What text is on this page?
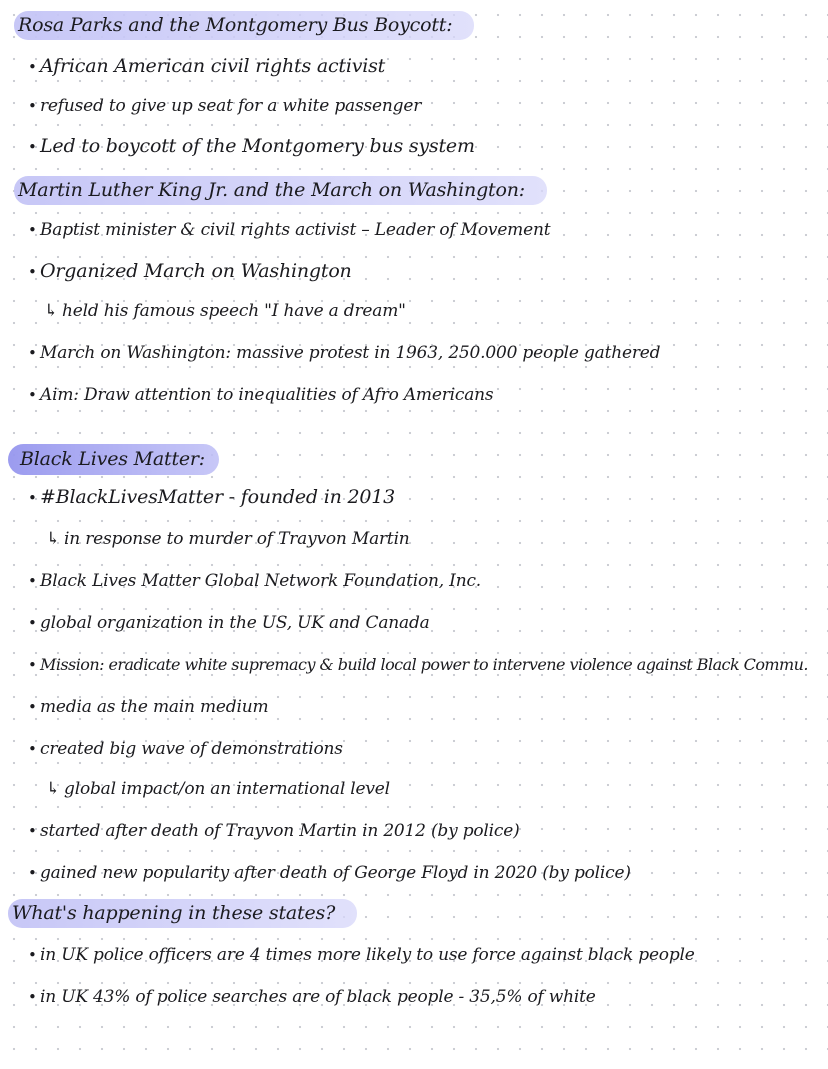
Rosa Parks and the Montgomery Bus Boycott:
• African American civil rights activist
• refused to give up seat for a white passenger
• Led to boycott of the Montgomery bus system
Martin Luther King Jr. and the March on Washington:
• Baptist minister & civil rights activist – Leader of Movement
• Organized March on Washington
↳ held his famous speech "I have a dream"
• March on Washington: massive protest in 1963, 250.000 people gathered
• Aim: Draw attention to inequalities of Afro Americans
Black Lives Matter:
• #BlackLivesMatter - founded in 2013
↳ in response to murder of Trayvon Martin
• Black Lives Matter Global Network Foundation, Inc.
• global organization in the US, UK and Canada
• Mission: eradicate white supremacy & build local power to intervene violence against Black Commu.
• media as the main medium
• created big wave of demonstrations
↳ global impact/on an international level
• started after death of Trayvon Martin in 2012 (by police)
• gained new popularity after death of George Floyd in 2020 (by police)
What's happening in these states?
• in UK police officers are 4 times more likely to use force against black people
• in UK 43% of police searches are of black people - 35,5% of white
